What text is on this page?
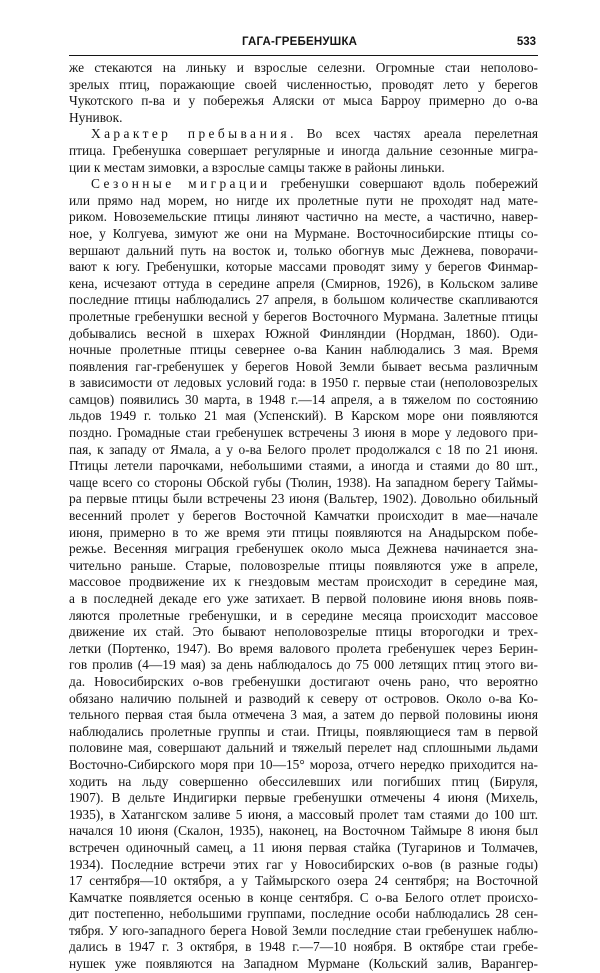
ГАГА-ГРЕБЕНУШКА	533
же стекаются на линьку и взрослые селезни. Огромные стаи неполово-
зрелых птиц, поражающие своей численностью, проводят лето у берегов
Чукотского п-ва и у побережья Аляски от мыса Барроу примерно до о-ва
Нунивок.
Характер пребывания. Во всех частях ареала перелетная
птица. Гребенушка совершает регулярные и иногда дальние сезонные мигра-
ции к местам зимовки, а взрослые самцы также в районы линьки.
Сезонные миграции гребенушки совершают вдоль побережий
или прямо над морем, но нигде их пролетные пути не проходят над мате-
риком. Новоземельские птицы линяют частично на месте, а частично, навер-
ное, у Колгуева, зимуют же они на Мурмане. Восточносибирские птицы со-
вершают дальний путь на восток и, только обогнув мыс Дежнева, поворачи-
вают к югу. Гребенушки, которые массами проводят зиму у берегов Финмар-
кена, исчезают оттуда в середине апреля (Смирнов, 1926), в Кольском заливе
последние птицы наблюдались 27 апреля, в большом количестве скапливаются
пролетные гребенушки весной у берегов Восточного Мурмана. Залетные птицы
добывались весной в шхерах Южной Финляндии (Нордман, 1860). Оди-
ночные пролетные птицы севернее о-ва Канин наблюдались 3 мая. Время
появления гаг-гребенушек у берегов Новой Земли бывает весьма различным
в зависимости от ледовых условий года: в 1950 г. первые стаи (неполовозрелых
самцов) появились 30 марта, в 1948 г.—14 апреля, а в тяжелом по состоянию
льдов 1949 г. только 21 мая (Успенский). В Карском море они появляются
поздно. Громадные стаи гребенушек встречены 3 июня в море у ледового при-
пая, к западу от Ямала, а у о-ва Белого пролет продолжался с 18 по 21 июня.
Птицы летели парочками, небольшими стаями, а иногда и стаями до 80 шт.,
чаще всего со стороны Обской губы (Тюлин, 1938). На западном берегу Таймы-
ра первые птицы были встречены 23 июня (Вальтер, 1902). Довольно обильный
весенний пролет у берегов Восточной Камчатки происходит в мае—начале
июня, примерно в то же время эти птицы появляются на Анадырском побе-
режье. Весенняя миграция гребенушек около мыса Дежнева начинается зна-
чительно раньше. Старые, половозрелые птицы появляются уже в апреле,
массовое продвижение их к гнездовым местам происходит в середине мая,
а в последней декаде его уже затихает. В первой половине июня вновь появ-
ляются пролетные гребенушки, и в середине месяца происходит массовое
движение их стай. Это бывают неполовозрелые птицы второгодки и трех-
летки (Портенко, 1947). Во время валового пролета гребенушек через Берин-
гов пролив (4—19 мая) за день наблюдалось до 75 000 летящих птиц этого ви-
да. Новосибирских о-вов гребенушки достигают очень рано, что вероятно
обязано наличию полыней и разводий к северу от островов. Около о-ва Ко-
тельного первая стая была отмечена 3 мая, а затем до первой половины июня
наблюдались пролетные группы и стаи. Птицы, появляющиеся там в первой
половине мая, совершают дальний и тяжелый перелет над сплошными льдами
Восточно-Сибирского моря при 10—15° мороза, отчего нередко приходится на-
ходить на льду совершенно обессилевших или погибших птиц (Бируля,
1907). В дельте Индигирки первые гребенушки отмечены 4 июня (Михель,
1935), в Хатангском заливе 5 июня, а массовый пролет там стаями до 100 шт.
начался 10 июня (Скалон, 1935), наконец, на Восточном Таймыре 8 июня был
встречен одиночный самец, а 11 июня первая стайка (Тугаринов и Толмачев,
1934). Последние встречи этих гаг у Новосибирских о-вов (в разные годы)
17 сентября—10 октября, а у Таймырского озера 24 сентября; на Восточной
Камчатке появляется осенью в конце сентября. С о-ва Белого отлет происхо-
дит постепенно, небольшими группами, последние особи наблюдались 28 сен-
тября. У юго-западного берега Новой Земли последние стаи гребенушек наблю-
дались в 1947 г. 3 октября, в 1948 г.—7—10 ноября. В октябре стаи гребе-
нушек уже появляются на Западном Мурмане (Кольский залив, Варангер-
